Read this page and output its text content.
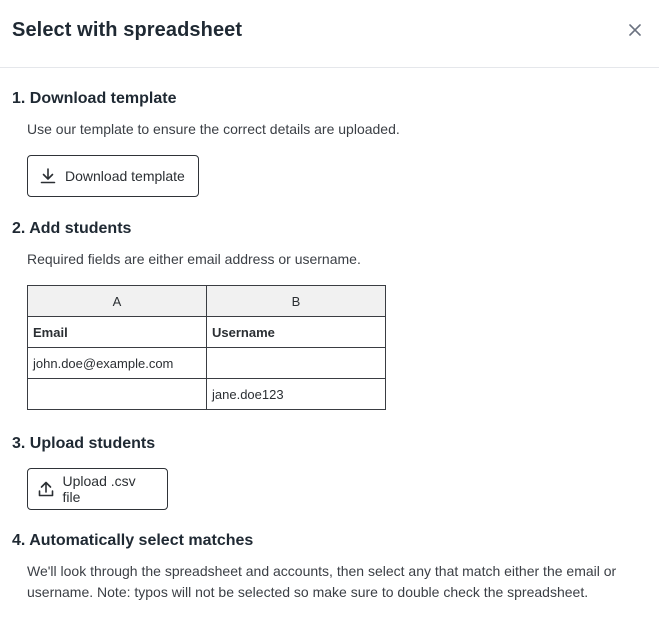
Select with spreadsheet
1. Download template
Use our template to ensure the correct details are uploaded.
Download template
2. Add students
Required fields are either email address or username.
A	B
Email	Username
john.doe@example.com	
	jane.doe123
3. Upload students
Upload .csv file
4. Automatically select matches
We'll look through the spreadsheet and accounts, then select any that match either the email or
username. Note: typos will not be selected so make sure to double check the spreadsheet.
